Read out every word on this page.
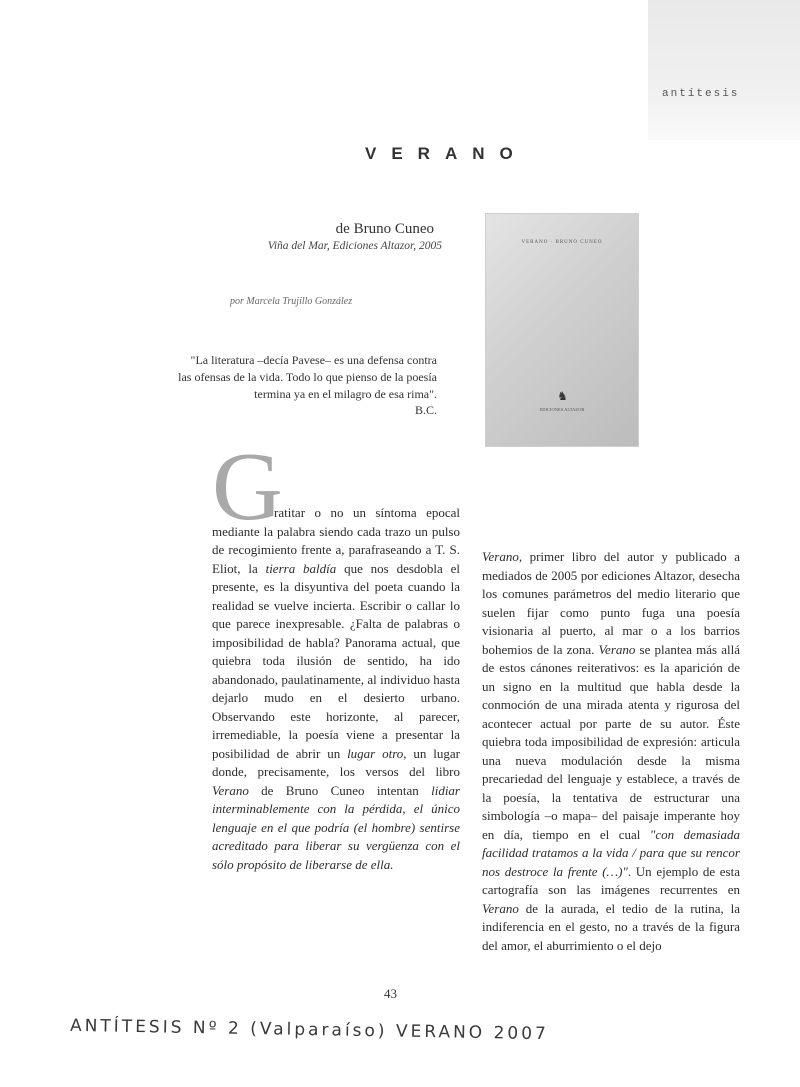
antítesis
VERANO
de Bruno Cuneo
Viña del Mar, Ediciones Altazor, 2005
por Marcela Trujillo González
"La literatura –decía Pavese– es una defensa contra las ofensas de la vida. Todo lo que pienso de la poesía termina ya en el milagro de esa rima".
B.C.
VERANO · BRUNO CUNEO
♞
EDICIONES ALTAZOR
G

ratitar o no un síntoma epocal mediante la palabra siendo cada trazo un pulso de recogimiento frente a, parafraseando a T. S. Eliot, la tierra baldía que nos desdobla el presente, es la disyuntiva del poeta cuando la realidad se vuelve incierta. Escribir o callar lo que parece inexpresable. ¿Falta de palabras o imposibilidad de habla? Panorama actual, que quiebra toda ilusión de sentido, ha ido abandonado, paulatinamente, al individuo hasta dejarlo mudo en el desierto urbano. Observando este horizonte, al parecer, irremediable, la poesía viene a presentar la posibilidad de abrir un lugar otro, un lugar donde, precisamente, los versos del libro Verano de Bruno Cuneo intentan lidiar interminablemente con la pérdida, el único lenguaje en el que podría (el hombre) sentirse acreditado para liberar su vergüenza con el sólo propósito de liberarse de ella.

Verano, primer libro del autor y publicado a mediados de 2005 por ediciones Altazor, desecha los comunes parámetros del medio literario que suelen fijar como punto fuga una poesía visionaria al puerto, al mar o a los barrios bohemios de la zona. Verano se plantea más allá de estos cánones reiterativos: es la aparición de un signo en la multitud que habla desde la conmoción de una mirada atenta y rigurosa del acontecer actual por parte de su autor. Éste quiebra toda imposibilidad de expresión: articula una nueva modulación desde la misma precariedad del lenguaje y establece, a través de la poesía, la tentativa de estructurar una simbología –o mapa– del paisaje imperante hoy en día, tiempo en el cual "con demasiada facilidad tratamos a la vida / para que su rencor nos destroce la frente (…)". Un ejemplo de esta cartografía son las imágenes recurrentes en Verano de la aurada, el tedio de la rutina, la indiferencia en el gesto, no a través de la figura del amor, el aburrimiento o el dejo

43
ANTÍTESIS Nº 2 (Valparaíso) VERANO 2007
